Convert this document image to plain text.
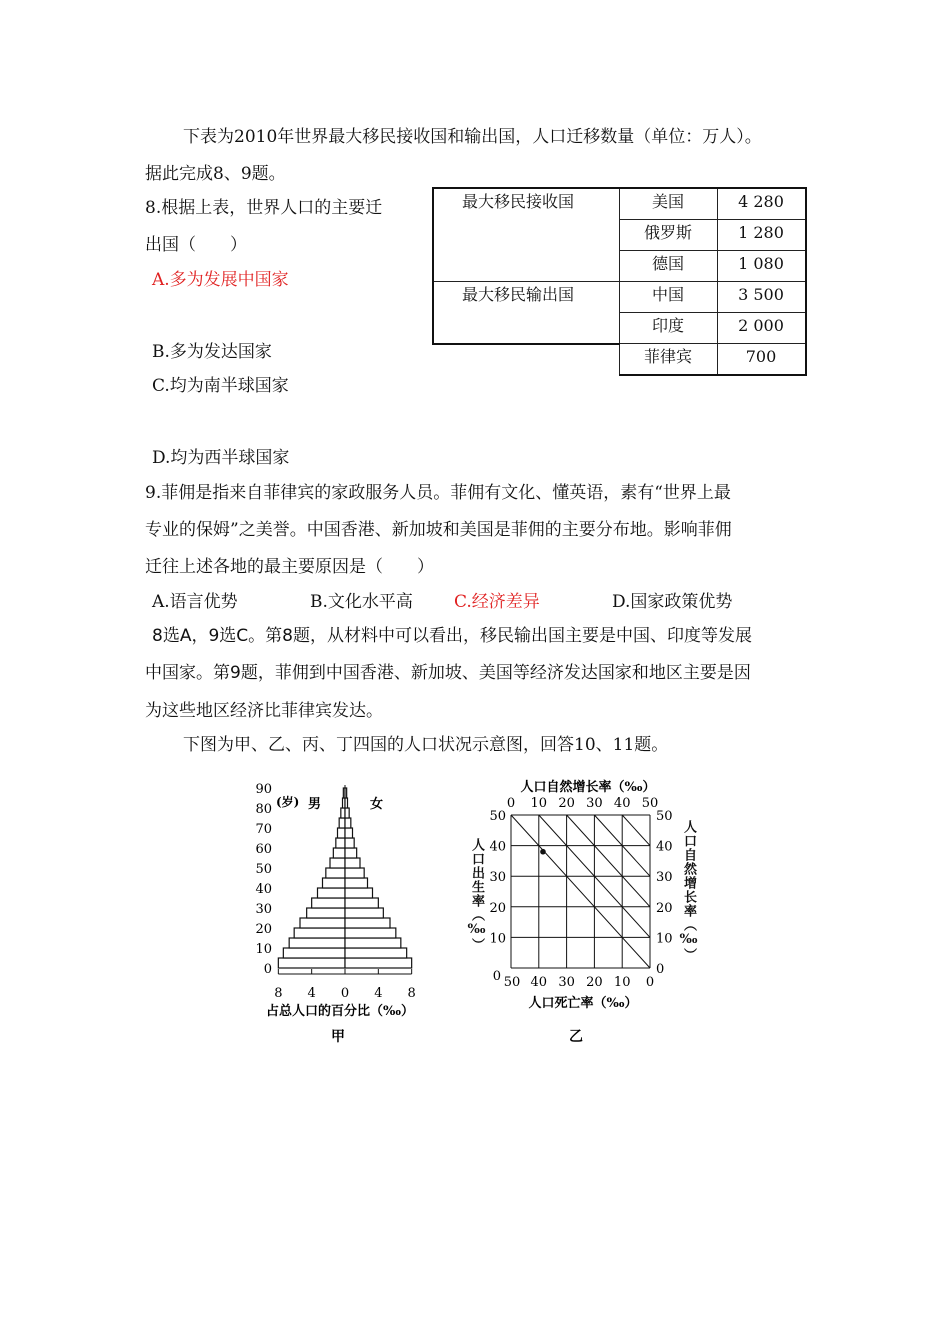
下表为2010年世界最大移民接收国和输出国，人口迁移数量（单位：万人）。
据此完成8、9题。
8.根据上表，世界人口的主要迁
出国（　　）
A.多为发展中国家
B.多为发达国家
C.均为南半球国家
D.均为西半球国家
最大移民接收国	美国	4 280
	俄罗斯	1 280
	德国	1 080
最大移民输出国	中国	3 500
	印度	2 000
	菲律宾	700
9.菲佣是指来自菲律宾的家政服务人员。菲佣有文化、懂英语，素有“世界上最
专业的保姆”之美誉。中国香港、新加坡和美国是菲佣的主要分布地。影响菲佣
迁往上述各地的最主要原因是（　　）
A.语言优势	B.文化水平高 C.经济差异	D.国家政策优势
8选A，9选C。第8题，从材料中可以看出，移民输出国主要是中国、印度等发展
中国家。第9题，菲佣到中国香港、新加坡、美国等经济发达国家和地区主要是因
为这些地区经济比菲律宾发达。
下图为甲、乙、丙、丁四国的人口状况示意图，回答10、11题。
8 4 0 4 8
0
10
20
30
40
50
60
70
80
90
(岁) 男	女
占总人口的百分比（‰）
甲
0 10 20 30 40 50
50 40 30 20 10 0
10
20
30
40
50
0	0
10
20
30
40
50
人口自然增长率（‰）
人口死亡率（‰）
乙
人口出生率（‰）	人口自然增长率（‰）
